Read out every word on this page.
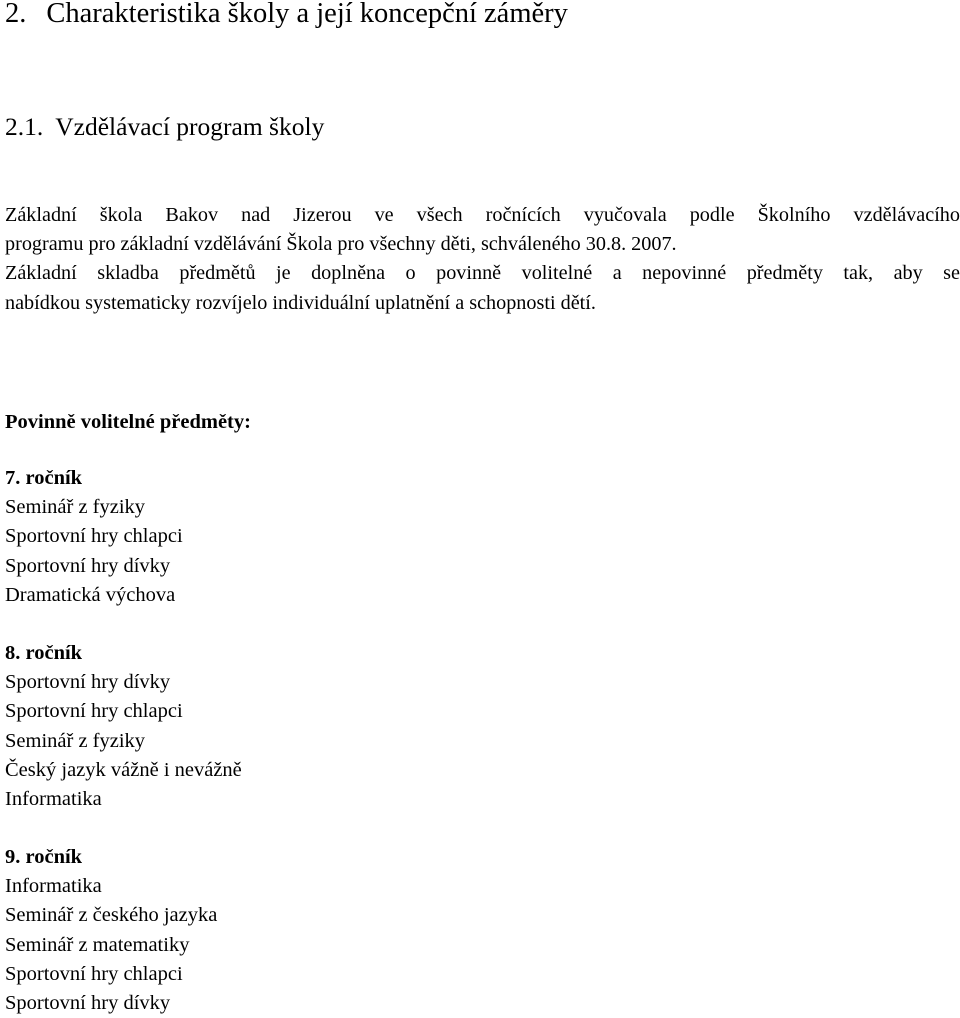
2. Charakteristika školy a její koncepční záměry
2.1. Vzdělávací program školy

Základní škola Bakov nad Jizerou ve všech ročnících vyučovala podle Školního vzdělávacího
programu pro základní vzdělávání Škola pro všechny děti, schváleného 30.8. 2007.
Základní skladba předmětů je doplněna o povinně volitelné a nepovinné předměty tak, aby se
nabídkou systematicky rozvíjelo individuální uplatnění a schopnosti dětí.

Povinně volitelné předměty:

7. ročník
Seminář z fyziky
Sportovní hry chlapci
Sportovní hry dívky
Dramatická výchova
8. ročník
Sportovní hry dívky
Sportovní hry chlapci
Seminář z fyziky
Český jazyk vážně i nevážně
Informatika
9. ročník
Informatika
Seminář z českého jazyka
Seminář z matematiky
Sportovní hry chlapci
Sportovní hry dívky
